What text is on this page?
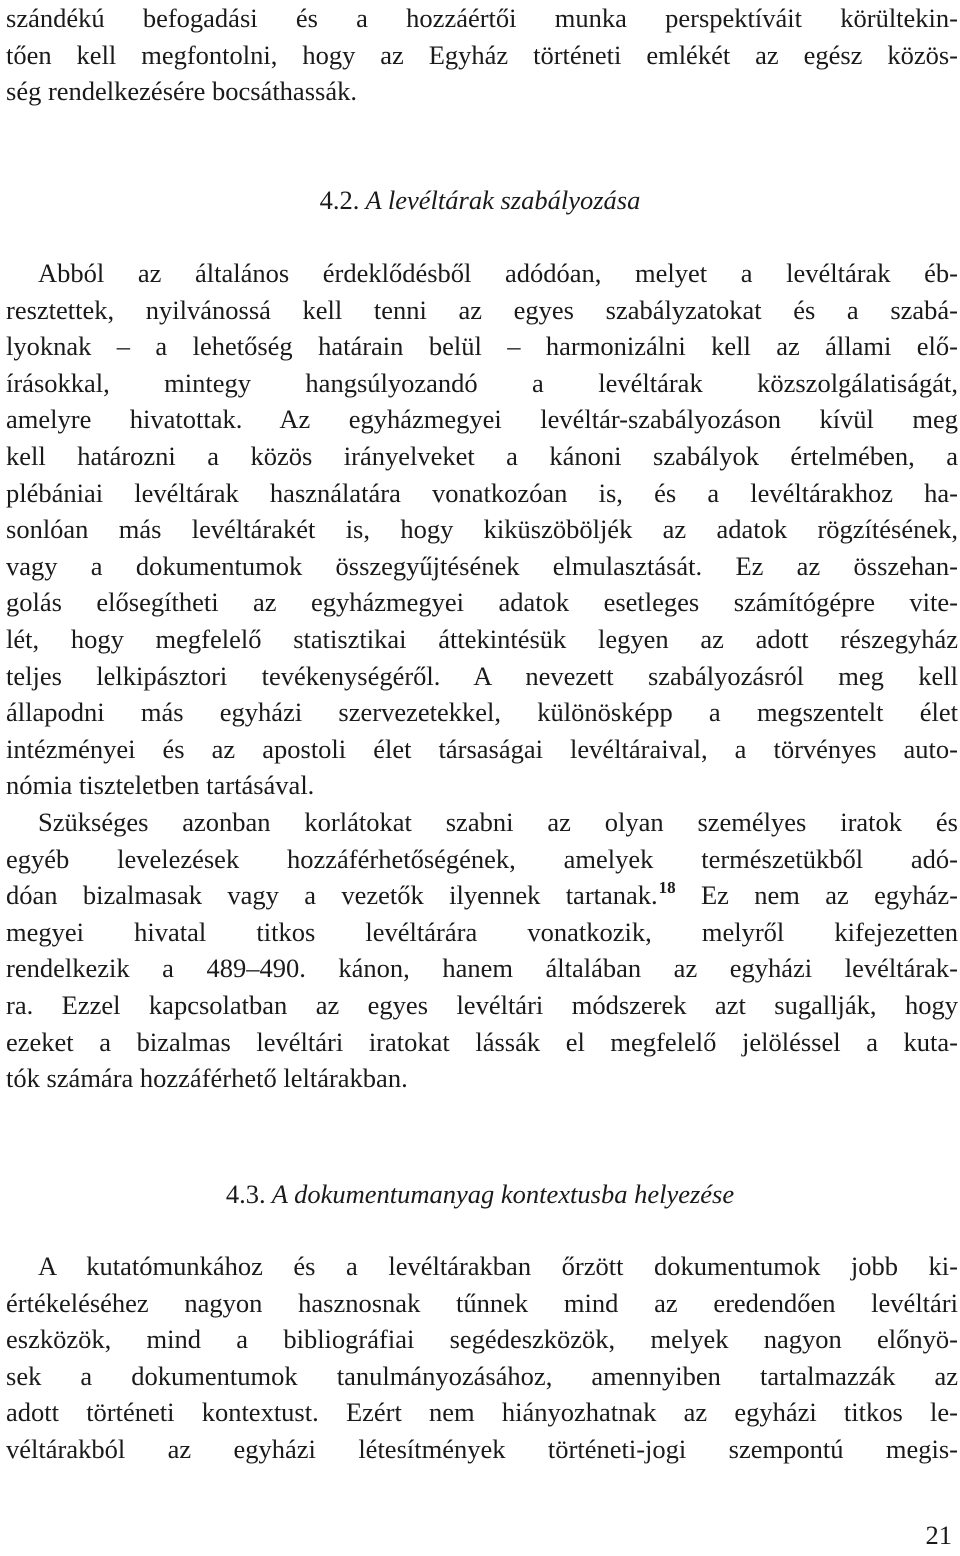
szándékú befogadási és a hozzáértői munka perspektíváit körültekin-
tően kell megfontolni, hogy az Egyház történeti emlékét az egész közös-
ség rendelkezésére bocsáthassák.
4.2. A levéltárak szabályozása
Abból az általános érdeklődésből adódóan, melyet a levéltárak éb-
resztettek, nyilvánossá kell tenni az egyes szabályzatokat és a szabá-
lyoknak – a lehetőség határain belül – harmonizálni kell az állami elő-
írásokkal, mintegy hangsúlyozandó a levéltárak közszolgálatiságát,
amelyre hivatottak. Az egyházmegyei levéltár-szabályozáson kívül meg
kell határozni a közös irányelveket a kánoni szabályok értelmében, a
plébániai levéltárak használatára vonatkozóan is, és a levéltárakhoz ha-
sonlóan más levéltárakét is, hogy kiküszöböljék az adatok rögzítésének,
vagy a dokumentumok összegyűjtésének elmulasztását. Ez az összehan-
golás elősegítheti az egyházmegyei adatok esetleges számítógépre vite-
lét, hogy megfelelő statisztikai áttekintésük legyen az adott részegyház
teljes lelkipásztori tevékenységéről. A nevezett szabályozásról meg kell
állapodni más egyházi szervezetekkel, különösképp a megszentelt élet
intézményei és az apostoli élet társaságai levéltáraival, a törvényes auto-
nómia tiszteletben tartásával.
Szükséges azonban korlátokat szabni az olyan személyes iratok és
egyéb levelezések hozzáférhetőségének, amelyek természetükből adó-
dóan bizalmasak vagy a vezetők ilyennek tartanak.$^{18}$ Ez nem az egyház-
megyei hivatal titkos levéltárára vonatkozik, melyről kifejezetten
rendelkezik a 489–490. kánon, hanem általában az egyházi levéltárak-
ra. Ezzel kapcsolatban az egyes levéltári módszerek azt sugallják, hogy
ezeket a bizalmas levéltári iratokat lássák el megfelelő jelöléssel a kuta-
tók számára hozzáférhető leltárakban.
4.3. A dokumentumanyag kontextusba helyezése
A kutatómunkához és a levéltárakban őrzött dokumentumok jobb ki-
értékeléséhez nagyon hasznosnak tűnnek mind az eredendően levéltári
eszközök, mind a bibliográfiai segédeszközök, melyek nagyon előnyö-
sek a dokumentumok tanulmányozásához, amennyiben tartalmazzák az
adott történeti kontextust. Ezért nem hiányozhatnak az egyházi titkos le-
véltárakból az egyházi létesítmények történeti-jogi szempontú megis-
21
